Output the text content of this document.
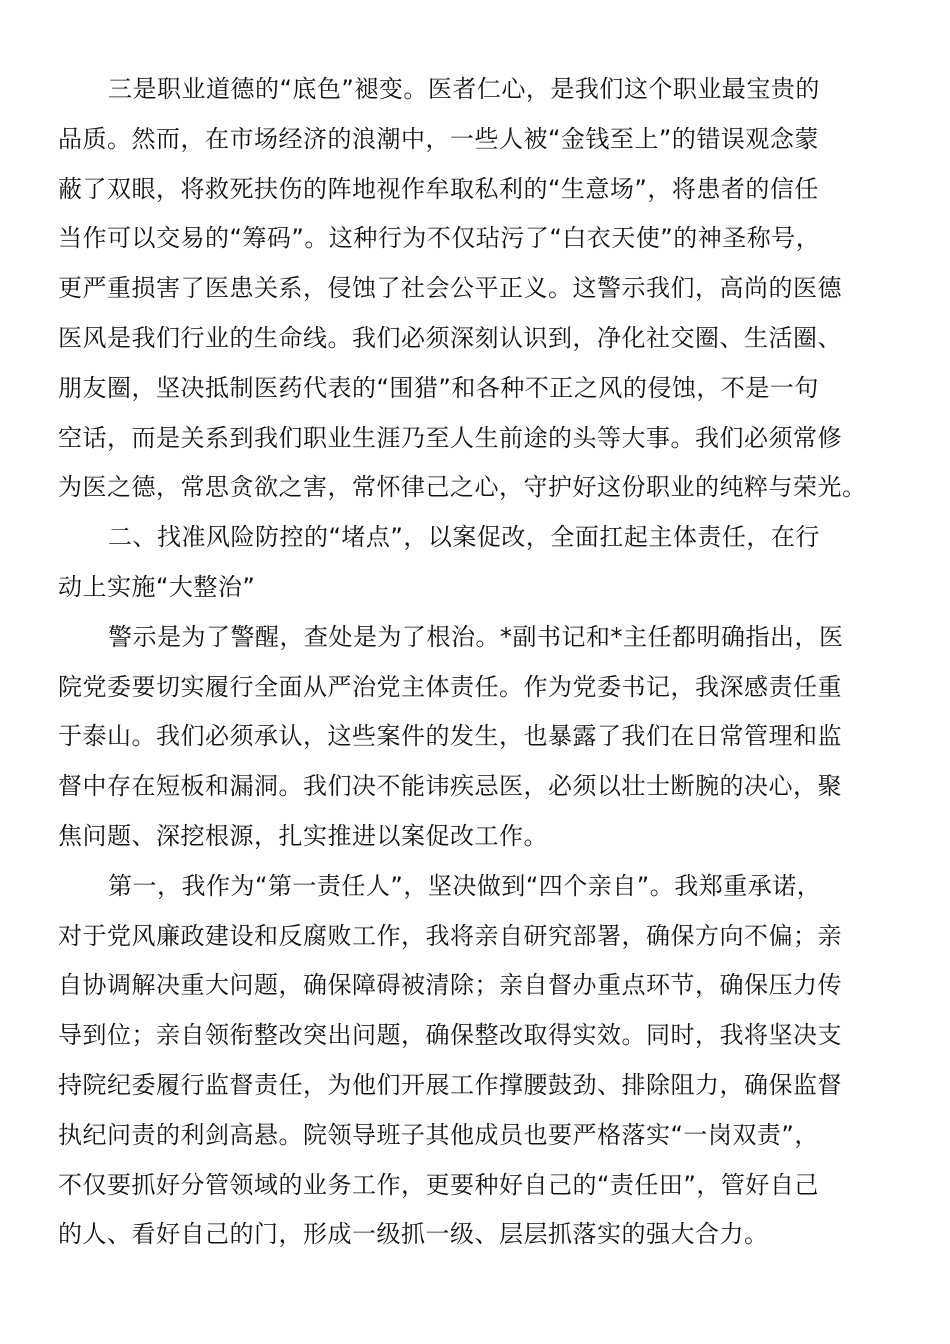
三是职业道德的“底色”褪变。医者仁心，是我们这个职业最宝贵的
品质。然而，在市场经济的浪潮中，一些人被“金钱至上”的错误观念蒙
蔽了双眼，将救死扶伤的阵地视作牟取私利的“生意场”，将患者的信任
当作可以交易的“筹码”。这种行为不仅玷污了“白衣天使”的神圣称号，
更严重损害了医患关系，侵蚀了社会公平正义。这警示我们，高尚的医德
医风是我们行业的生命线。我们必须深刻认识到，净化社交圈、生活圈、
朋友圈，坚决抵制医药代表的“围猎”和各种不正之风的侵蚀，不是一句
空话，而是关系到我们职业生涯乃至人生前途的头等大事。我们必须常修
为医之德，常思贪欲之害，常怀律己之心，守护好这份职业的纯粹与荣光。
二、找准风险防控的“堵点”，以案促改，全面扛起主体责任，在行
动上实施“大整治”
警示是为了警醒，查处是为了根治。*副书记和*主任都明确指出，医
院党委要切实履行全面从严治党主体责任。作为党委书记，我深感责任重
于泰山。我们必须承认，这些案件的发生，也暴露了我们在日常管理和监
督中存在短板和漏洞。我们决不能讳疾忌医，必须以壮士断腕的决心，聚
焦问题、深挖根源，扎实推进以案促改工作。
第一，我作为“第一责任人”，坚决做到“四个亲自”。我郑重承诺，
对于党风廉政建设和反腐败工作，我将亲自研究部署，确保方向不偏；亲
自协调解决重大问题，确保障碍被清除；亲自督办重点环节，确保压力传
导到位；亲自领衔整改突出问题，确保整改取得实效。同时，我将坚决支
持院纪委履行监督责任，为他们开展工作撑腰鼓劲、排除阻力，确保监督
执纪问责的利剑高悬。院领导班子其他成员也要严格落实“一岗双责”，
不仅要抓好分管领域的业务工作，更要种好自己的“责任田”，管好自己
的人、看好自己的门，形成一级抓一级、层层抓落实的强大合力。
